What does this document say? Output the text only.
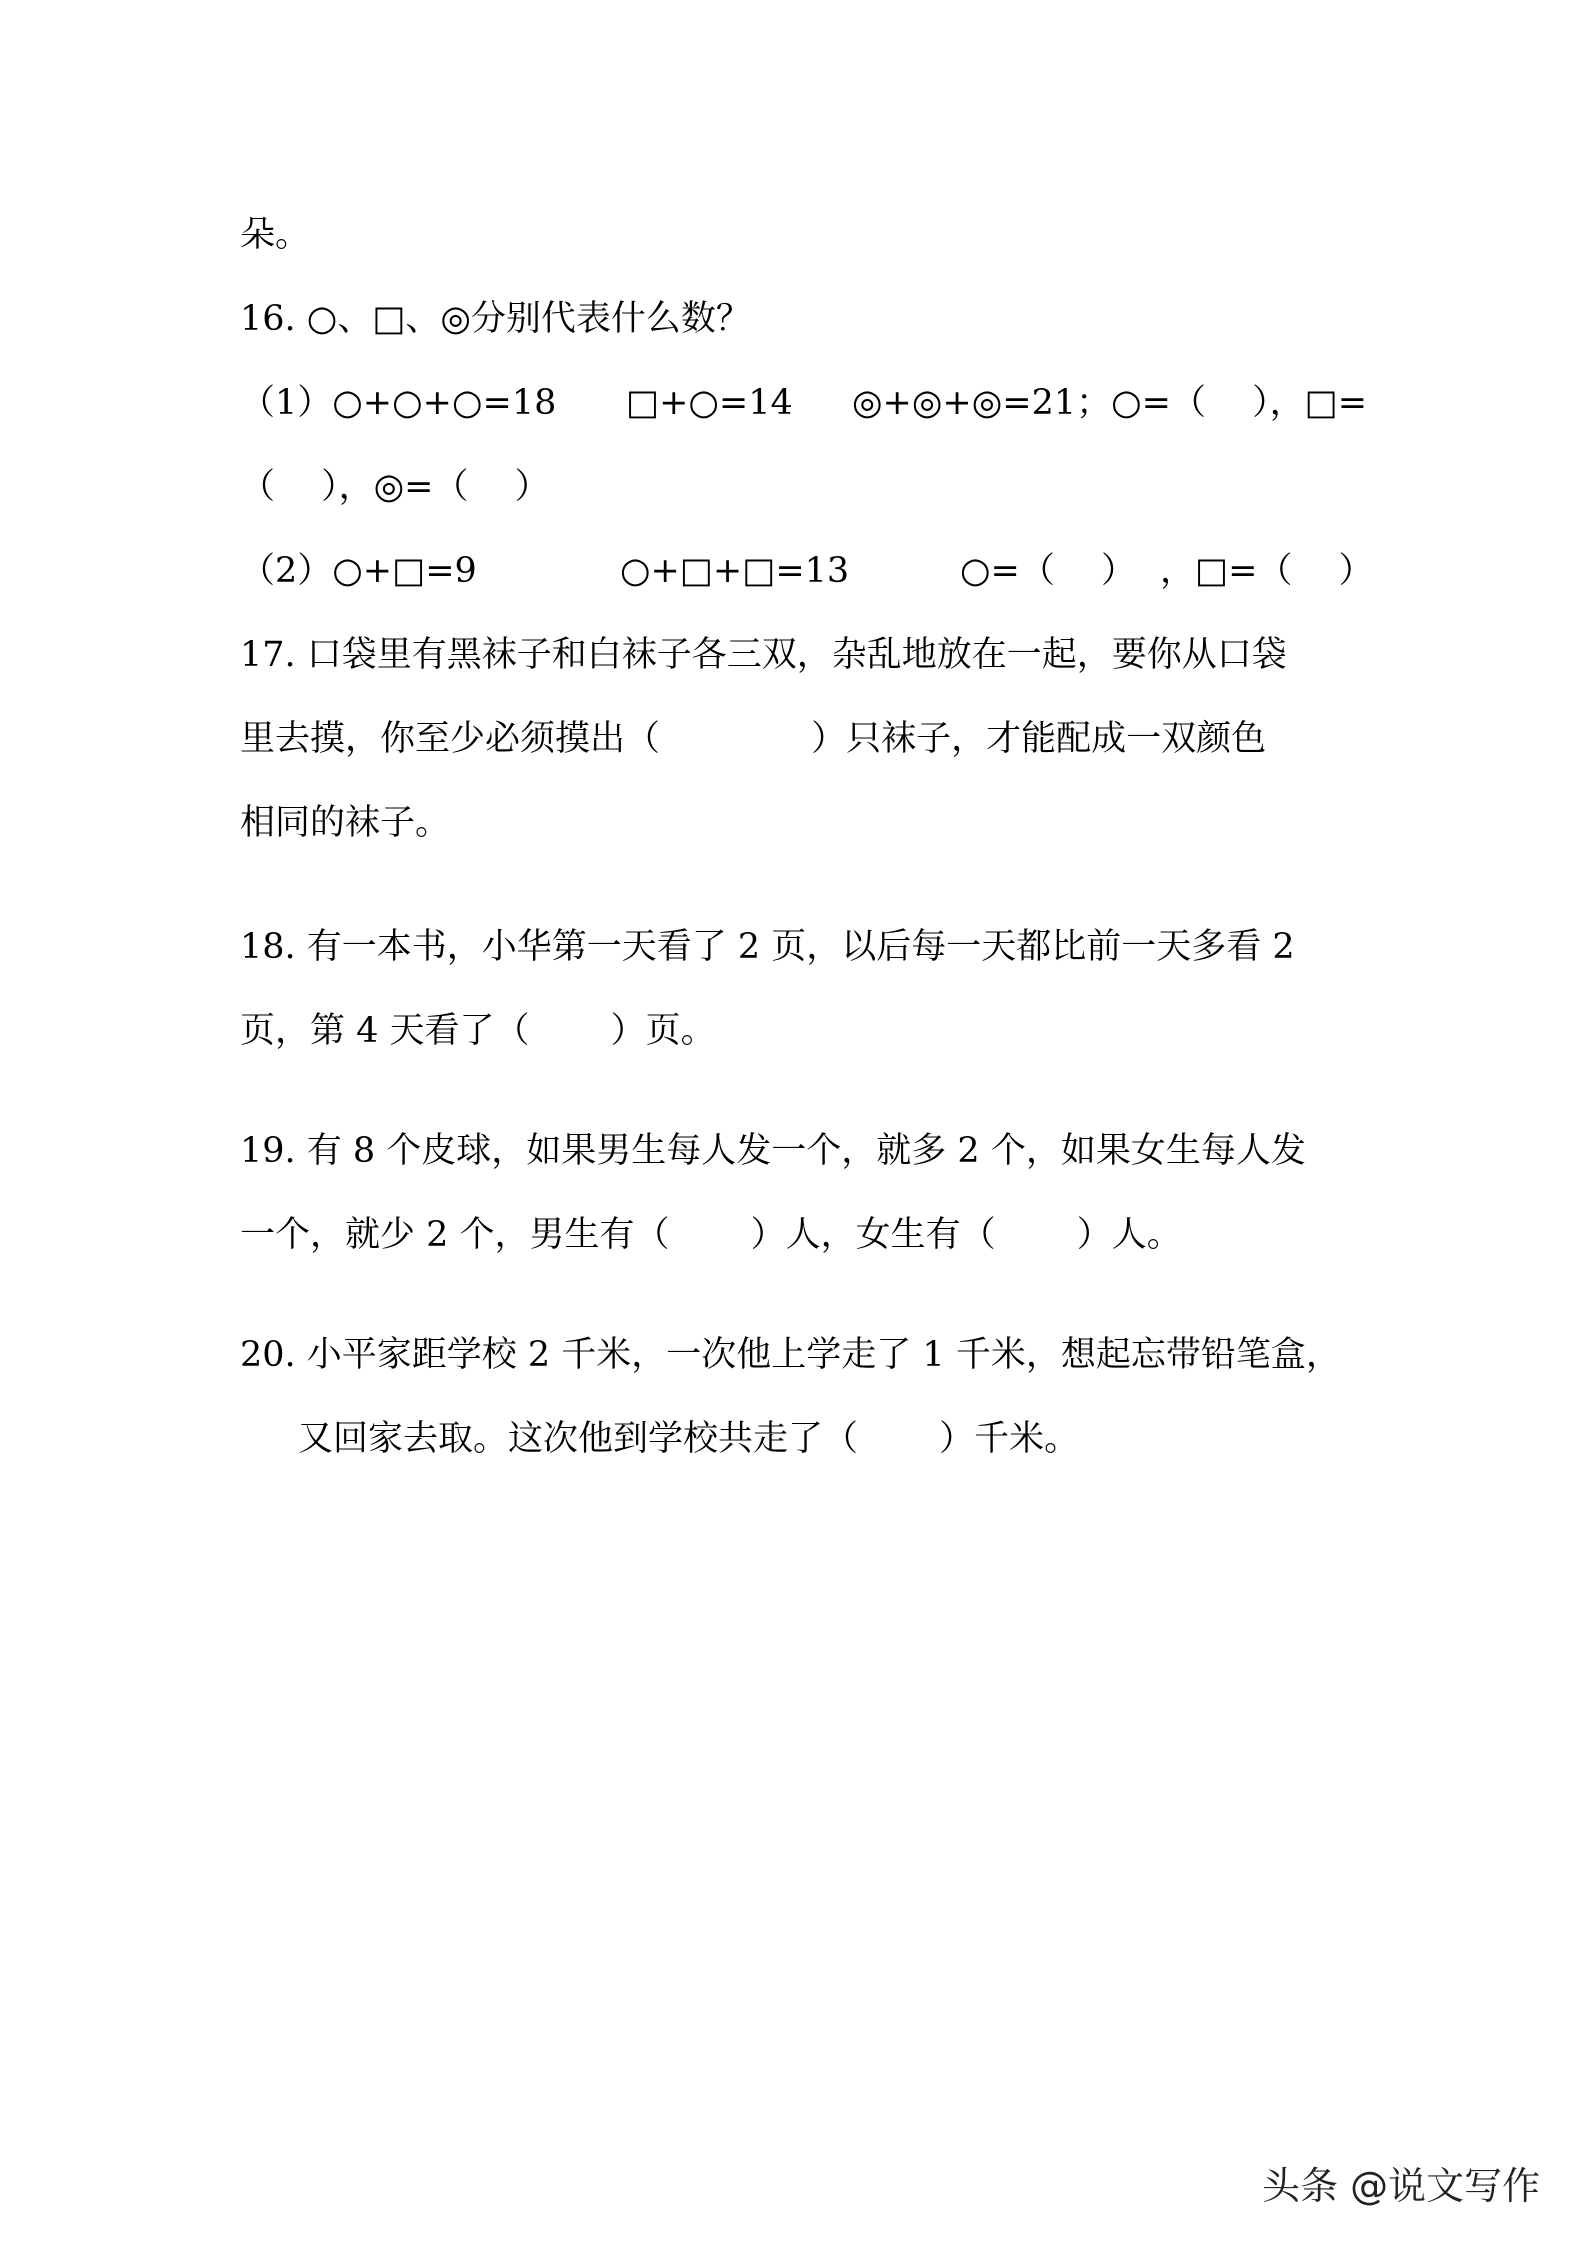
朵。
16. ○、□、◎分别代表什么数？
（1）○+○+○=18 □+○=14 ◎+◎+◎=21；○=（　 ），□=
（　 ），◎=（　 ）
（2）○+□=9	○+□+□=13	○=（　 ） ，□=（　 ）
17. 口袋里有黑袜子和白袜子各三双，杂乱地放在一起，要你从口袋
里去摸，你至少必须摸出（　　　　 ）只袜子，才能配成一双颜色
相同的袜子。
18. 有一本书，小华第一天看了 2 页，以后每一天都比前一天多看 2
页，第 4 天看了（　　 ）页。
19. 有 8 个皮球，如果男生每人发一个，就多 2 个，如果女生每人发
一个，就少 2 个，男生有（　　 ）人，女生有（　　 ）人。
20. 小平家距学校 2 千米，一次他上学走了 1 千米，想起忘带铅笔盒，
又回家去取。这次他到学校共走了（　　 ）千米。
头条 @说文写作
